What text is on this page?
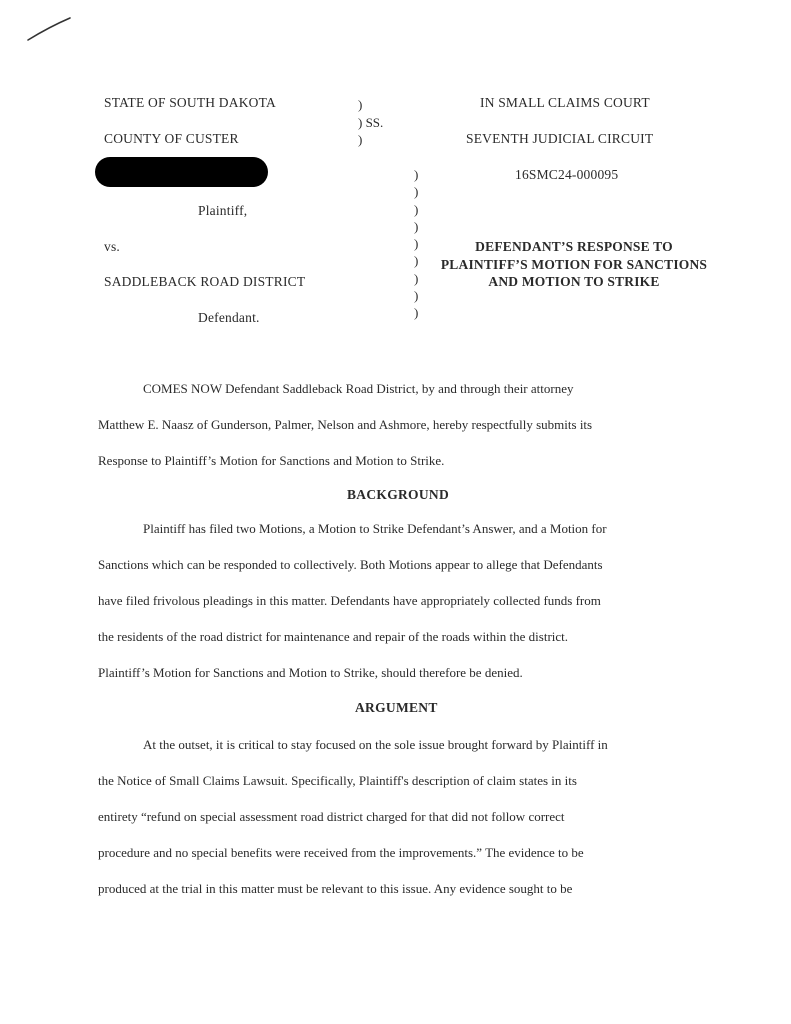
STATE OF SOUTH DAKOTA
COUNTY OF CUSTER
)
) SS.
)
IN SMALL CLAIMS COURT
SEVENTH JUDICIAL CIRCUIT
16SMC24-000095
Plaintiff,
vs.
SADDLEBACK ROAD DISTRICT
Defendant.
)
)
)
)
)
)
)
)
)
DEFENDANT’S RESPONSE TO PLAINTIFF’S MOTION FOR SANCTIONS AND MOTION TO STRIKE
COMES NOW Defendant Saddleback Road District, by and through their attorney
Matthew E. Naasz of Gunderson, Palmer, Nelson and Ashmore, hereby respectfully submits its
Response to Plaintiff’s Motion for Sanctions and Motion to Strike.
BACKGROUND
Plaintiff has filed two Motions, a Motion to Strike Defendant’s Answer, and a Motion for
Sanctions which can be responded to collectively. Both Motions appear to allege that Defendants
have filed frivolous pleadings in this matter. Defendants have appropriately collected funds from
the residents of the road district for maintenance and repair of the roads within the district.
Plaintiff’s Motion for Sanctions and Motion to Strike, should therefore be denied.
ARGUMENT
At the outset, it is critical to stay focused on the sole issue brought forward by Plaintiff in
the Notice of Small Claims Lawsuit. Specifically, Plaintiff's description of claim states in its
entirety “refund on special assessment road district charged for that did not follow correct
procedure and no special benefits were received from the improvements.” The evidence to be
produced at the trial in this matter must be relevant to this issue. Any evidence sought to be
